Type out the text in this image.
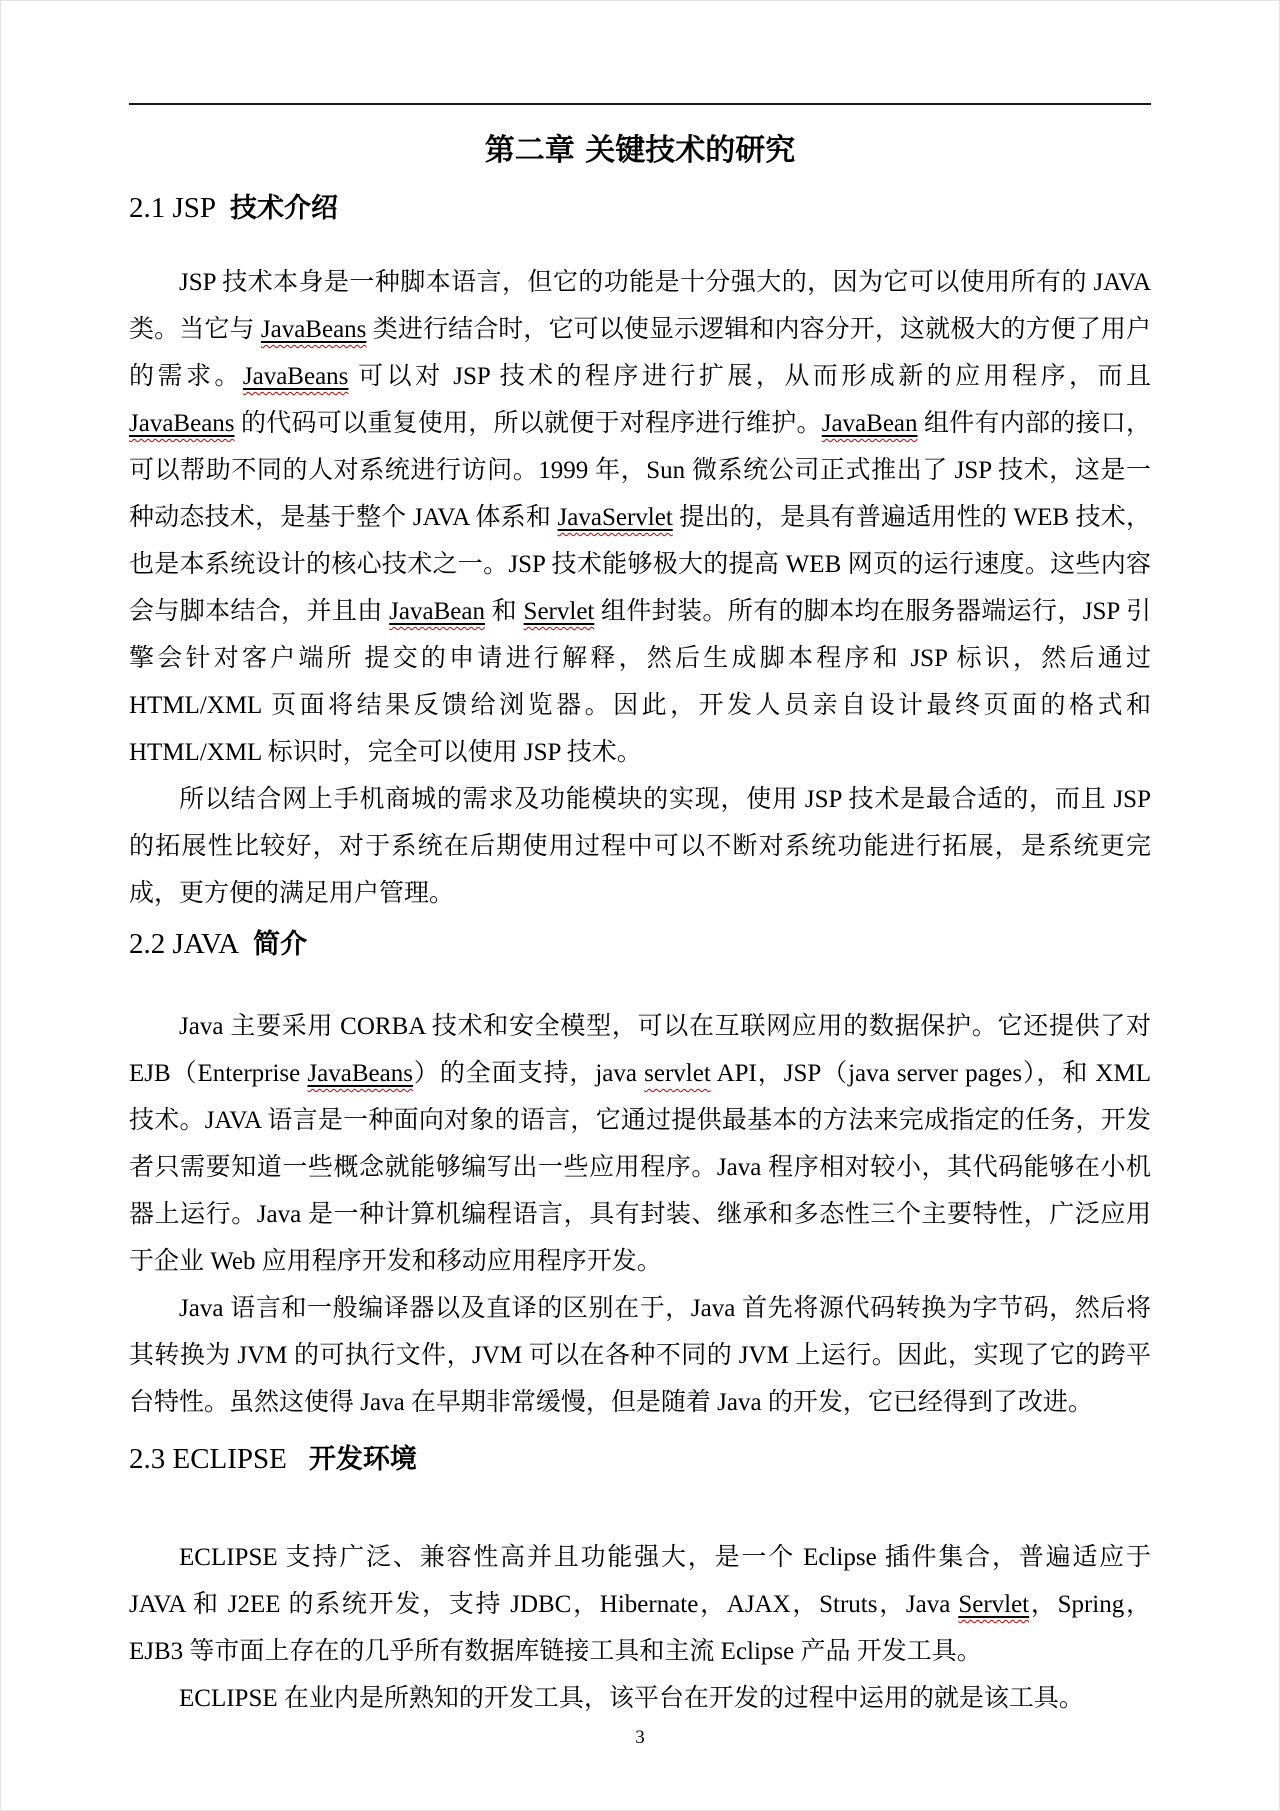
第二章 关键技术的研究
2.1 JSP 技术介绍

JSP 技术本身是一种脚本语言，但它的功能是十分强大的，因为它可以使用所有的 JAVA 类。当它与 JavaBeans 类进行结合时，它可以使显示逻辑和内容分开，这就极大的方便了用户的需求。JavaBeans 可以对 JSP 技术的程序进行扩展，从而形成新的应用程序，而且 JavaBeans 的代码可以重复使用，所以就便于对程序进行维护。JavaBean 组件有内部的接口，可以帮助不同的人对系统进行访问。1999 年，Sun 微系统公司正式推出了 JSP 技术，这是一种动态技术，是基于整个 JAVA 体系和 JavaServlet 提出的，是具有普遍适用性的 WEB 技术，也是本系统设计的核心技术之一。JSP 技术能够极大的提高 WEB 网页的运行速度。这些内容会与脚本结合，并且由 JavaBean 和 Servlet 组件封装。所有的脚本均在服务器端运行，JSP 引擎会针对客户端所 提交的申请进行解释，然后生成脚本程序和 JSP 标识，然后通过 HTML/XML 页面将结果反馈给浏览器。因此，开发人员亲自设计最终页面的格式和 HTML/XML 标识时，完全可以使用 JSP 技术。

所以结合网上手机商城的需求及功能模块的实现，使用 JSP 技术是最合适的，而且 JSP 的拓展性比较好，对于系统在后期使用过程中可以不断对系统功能进行拓展，是系统更完成，更方便的满足用户管理。

2.2 JAVA 简介

Java 主要采用 CORBA 技术和安全模型，可以在互联网应用的数据保护。它还提供了对 EJB（Enterprise JavaBeans）的全面支持，java servlet API，JSP（java server pages），和 XML 技术。JAVA 语言是一种面向对象的语言，它通过提供最基本的方法来完成指定的任务，开发者只需要知道一些概念就能够编写出一些应用程序。Java 程序相对较小，其代码能够在小机器上运行。Java 是一种计算机编程语言，具有封装、继承和多态性三个主要特性，广泛应用于企业 Web 应用程序开发和移动应用程序开发。

Java 语言和一般编译器以及直译的区别在于，Java 首先将源代码转换为字节码，然后将其转换为 JVM 的可执行文件，JVM 可以在各种不同的 JVM 上运行。因此，实现了它的跨平台特性。虽然这使得 Java 在早期非常缓慢，但是随着 Java 的开发，它已经得到了改进。

2.3 ECLIPSE 开发环境

ECLIPSE 支持广泛、兼容性高并且功能强大，是一个 Eclipse 插件集合，普遍适应于 JAVA 和 J2EE 的系统开发，支持 JDBC，Hibernate，AJAX，Struts，Java Servlet，Spring，EJB3 等市面上存在的几乎所有数据库链接工具和主流 Eclipse 产品 开发工具。

ECLIPSE 在业内是所熟知的开发工具，该平台在开发的过程中运用的就是该工具。

3
